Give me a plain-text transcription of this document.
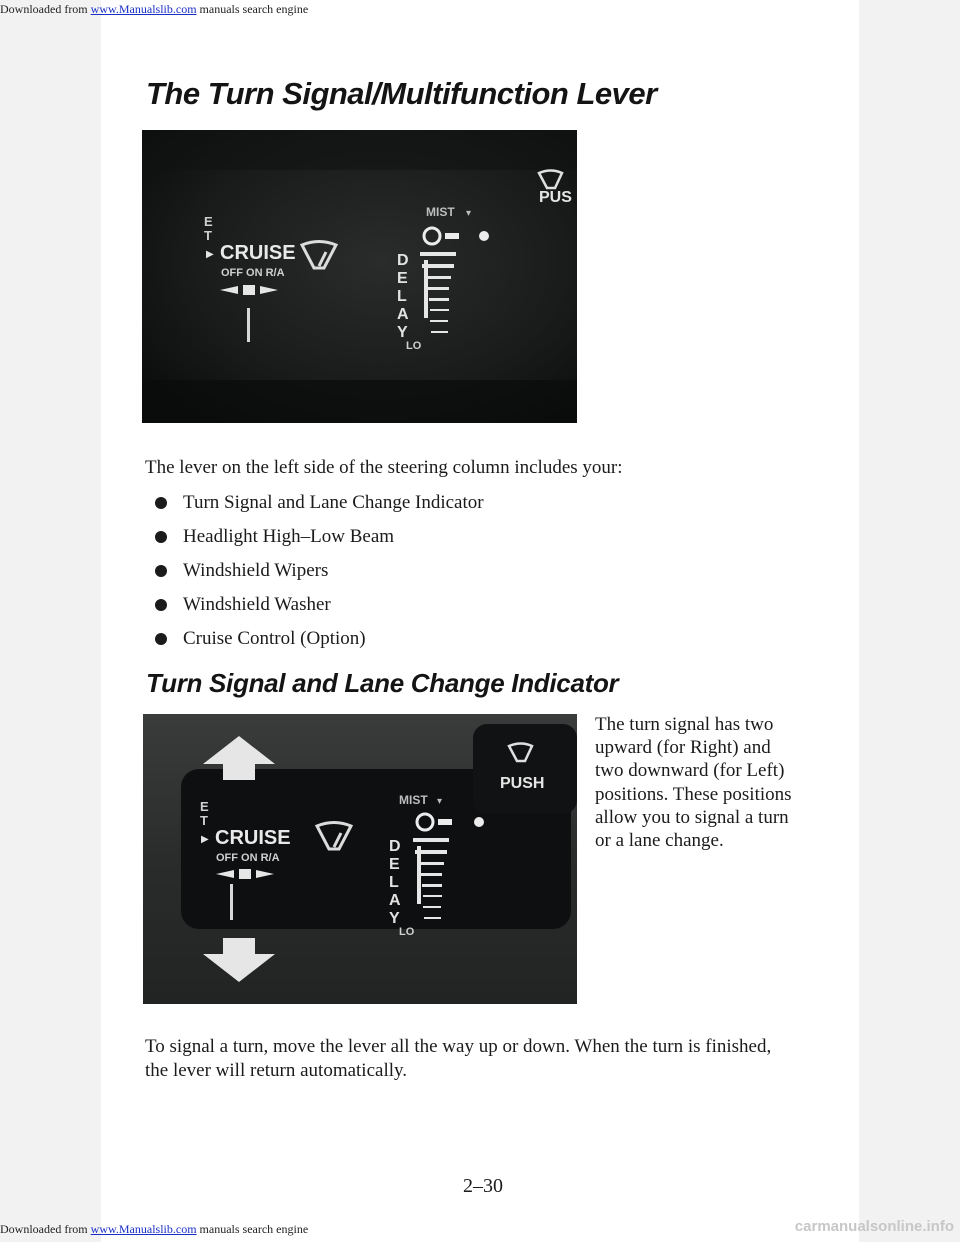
Downloaded from www.Manualslib.com manuals search engine
The Turn Signal/Multifunction Lever
E
T
▶ CRUISE
OFF ON R/A
MIST ▾
D
E
L
A
Y
LO
PUS

The lever on the left side of the steering column includes your:

Turn Signal and Lane Change Indicator
Headlight High–Low Beam
Windshield Wipers
Windshield Washer
Cruise Control (Option)
Turn Signal and Lane Change Indicator
E
T
▶ CRUISE
OFF ON R/A
MIST ▾
D
E
L
A
Y
LO
PUSH

The turn signal has two upward (for Right) and two downward (for Left) positions. These positions allow you to signal a turn or a lane change.

To signal a turn, move the lever all the way up or down. When the turn is finished, the lever will return automatically.

2–30

Downloaded from www.Manualslib.com manuals search engine	carmanualsonline.info
